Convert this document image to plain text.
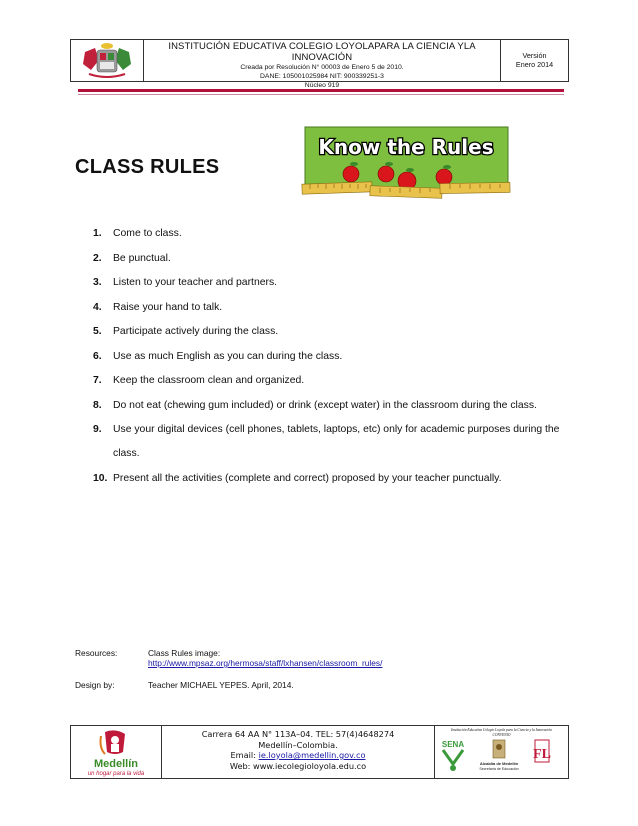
INSTITUCIÓN EDUCATIVA COLEGIO LOYOLAPARA LA CIENCIA YLA INNOVACIÓN
Creada por Resolución N° 00003 de Enero 5 de 2010.
DANE: 105001025984 NIT: 900339251-3
Núcleo 919
Versión
Enero 2014
CLASS RULES
Know the Rules
1.	Come to class.
2.	Be punctual.
3.	Listen to your teacher and partners.
4.	Raise your hand to talk.
5.	Participate actively during the class.
6.	Use as much English as you can during the class.
7.	Keep the classroom clean and organized.
8.	Do not eat (chewing gum included) or drink (except water) in the classroom during the class.
9.	Use your digital devices (cell phones, tablets, laptops, etc) only for academic purposes during the class.
10. Present all the activities (complete and correct) proposed by your teacher punctually.
Resources:	Class Rules image:
http://www.mpsaz.org/hermosa/staff/lxhansen/classroom_rules/
Design by:	Teacher MICHAEL YEPES. April, 2014.
Medellín
un hogar para la vida
Carrera 64 AA N° 113A–04. TEL: 57(4)4648274
Medellín–Colombia.
Email: ie.loyola@medellin.gov.co
Web: www.iecolegioloyola.edu.co
Institución Educativa Colegio Loyola para la Ciencia y la Innovación
CONVENIO
SENA
Alcaldía de Medellín
Secretaría de Educación
FL
